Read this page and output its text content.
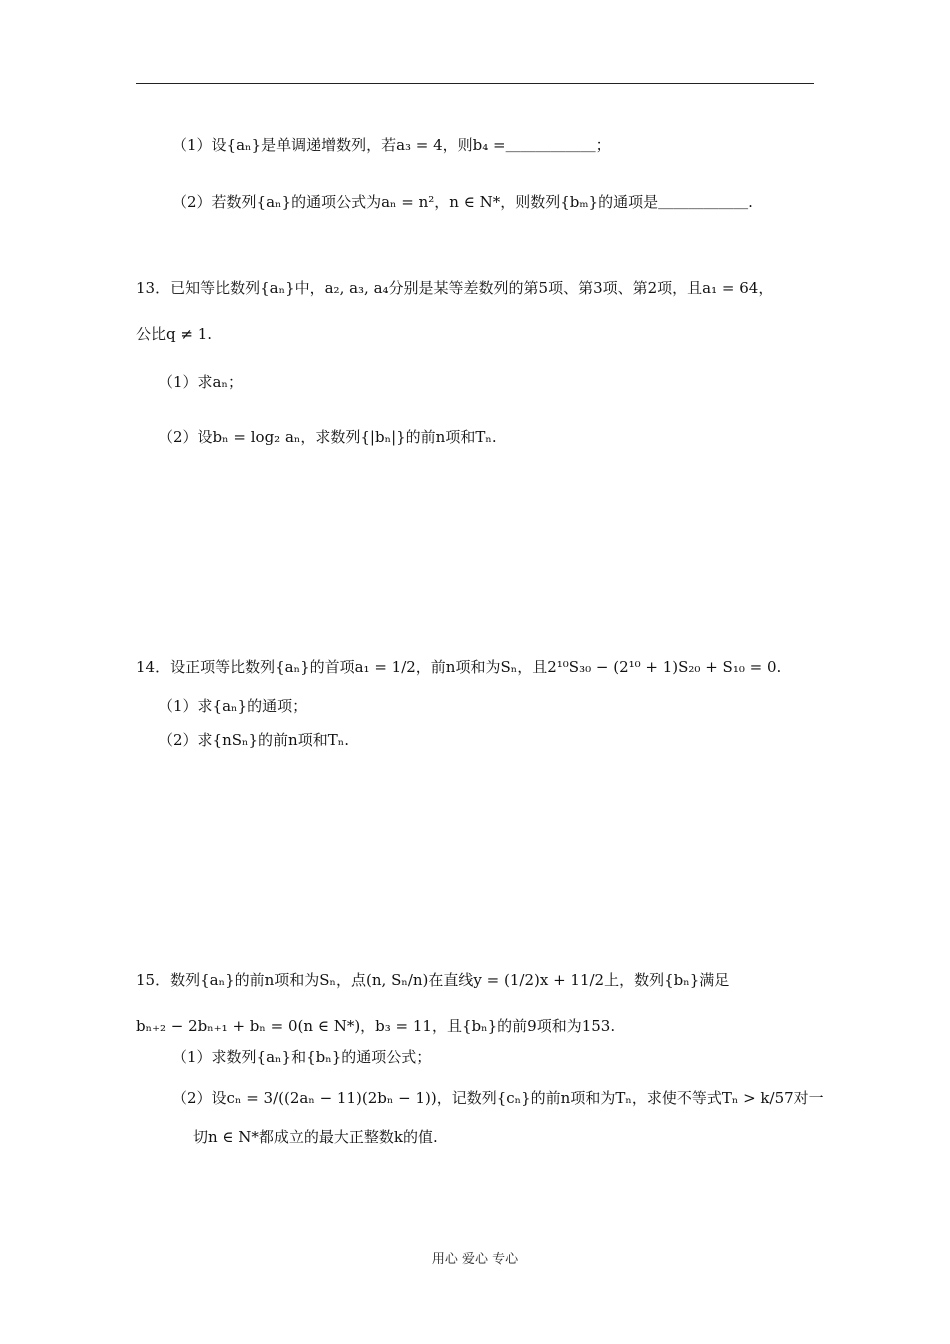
（1）设{aₙ}是单调递增数列，若a₃ = 4，则b₄ =＿＿＿＿＿＿；
（2）若数列{aₙ}的通项公式为aₙ = n²，n ∈ N*，则数列{bₘ}的通项是＿＿＿＿＿＿.
13．已知等比数列{aₙ}中，a₂, a₃, a₄分别是某等差数列的第5项、第3项、第2项，且a₁ = 64，
公比q ≠ 1.
（1）求aₙ；
（2）设bₙ = log₂ aₙ，求数列{|bₙ|}的前n项和Tₙ.
14．设正项等比数列{aₙ}的首项a₁ = 1/2，前n项和为Sₙ，且2¹⁰S₃₀ − (2¹⁰ + 1)S₂₀ + S₁₀ = 0.
（1）求{aₙ}的通项；
（2）求{nSₙ}的前n项和Tₙ.
15．数列{aₙ}的前n项和为Sₙ，点(n, Sₙ/n)在直线y = (1/2)x + 11/2上，数列{bₙ}满足
bₙ₊₂ − 2bₙ₊₁ + bₙ = 0(n ∈ N*)，b₃ = 11，且{bₙ}的前9项和为153.
（1）求数列{aₙ}和{bₙ}的通项公式；
（2）设cₙ = 3/((2aₙ − 11)(2bₙ − 1))，记数列{cₙ}的前n项和为Tₙ，求使不等式Tₙ > k/57对一
切n ∈ N*都成立的最大正整数k的值.
用心 爱心 专心
